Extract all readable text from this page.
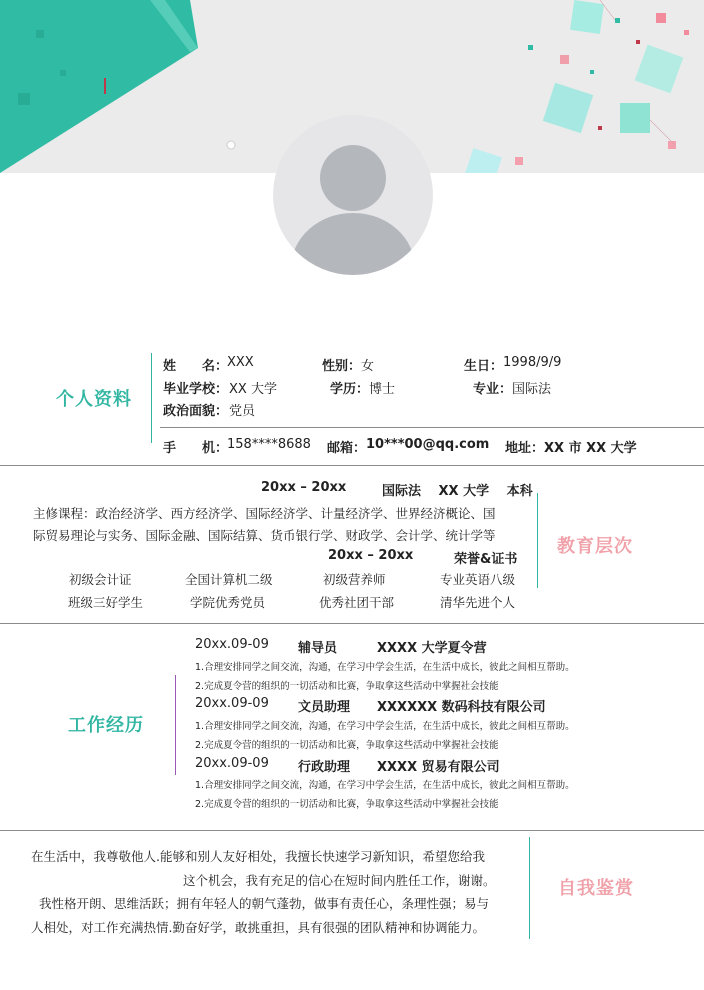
个人资料
姓　　名：
XXX	性别： 女	生日： 1998/9/9
毕业学校： XX 大学	学历： 博士	专业： 国际法
政治面貌： 党员
手　　机：
158****8688 邮箱： 10***00@qq.com 地址： XX 市 XX 大学
20xx – 20xx	国际法　 XX 大学　 本科
主修课程：政治经济学、西方经济学、国际经济学、计量经济学、世界经济概论、国
际贸易理论与实务、国际金融、国际结算、货币银行学、财政学、会计学、统计学等
20xx – 20xx	荣誉&证书
初级会计证	全国计算机二级	初级营养师	专业英语八级
班级三好学生	学院优秀党员	优秀社团干部	清华先进个人
教育层次
工作经历
20xx.09-09 辅导员	XXXX 大学夏令营
1.合理安排同学之间交流，沟通，在学习中学会生活，在生活中成长，彼此之间相互帮助。
2.完成夏令营的组织的一切活动和比赛，争取拿这些活动中掌握社会技能
20xx.09-09 文员助理 XXXXXX 数码科技有限公司
1.合理安排同学之间交流，沟通，在学习中学会生活，在生活中成长，彼此之间相互帮助。
2.完成夏令营的组织的一切活动和比赛，争取拿这些活动中掌握社会技能
20xx.09-09 行政助理 XXXX 贸易有限公司
1.合理安排同学之间交流，沟通，在学习中学会生活，在生活中成长，彼此之间相互帮助。
2.完成夏令营的组织的一切活动和比赛，争取拿这些活动中掌握社会技能
在生活中，我尊敬他人.能够和别人友好相处，我擅长快速学习新知识，希望您给我
这个机会，我有充足的信心在短时间内胜任工作，谢谢。
我性格开朗、思维活跃；拥有年轻人的朝气蓬勃，做事有责任心，条理性强；易与
人相处，对工作充满热情.勤奋好学，敢挑重担，具有很强的团队精神和协调能力。
自我鉴赏
